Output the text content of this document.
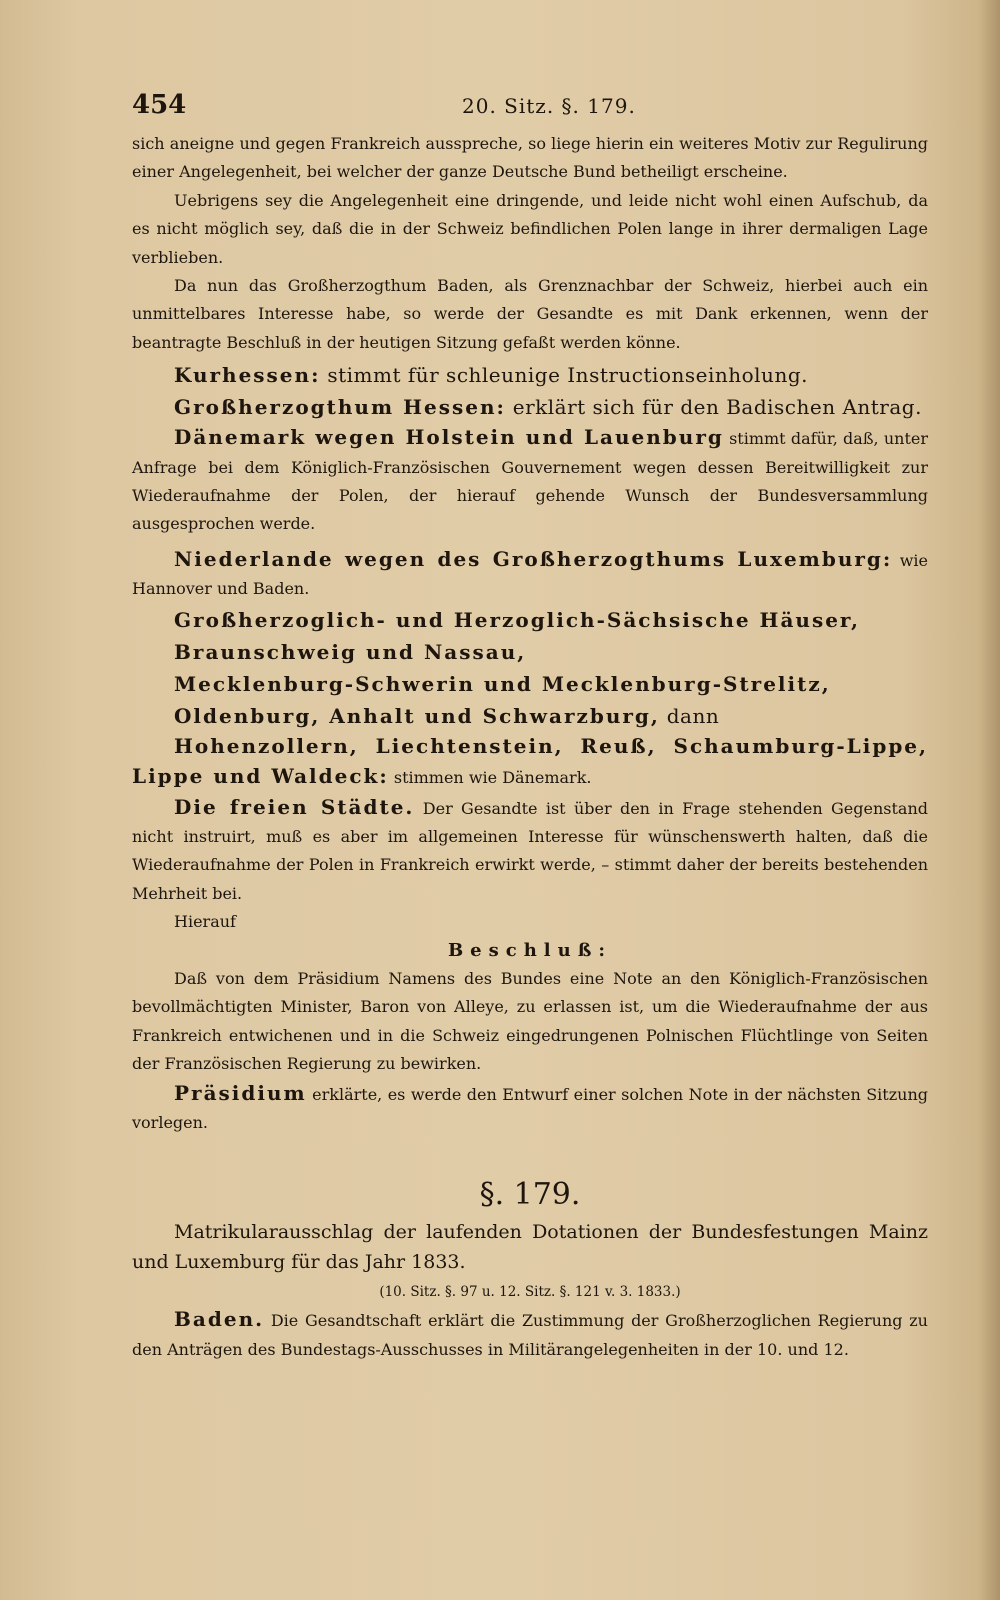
454	20. Sitz. §. 179.

sich aneigne und gegen Frankreich ausspreche, so liege hierin ein weiteres Motiv zur Regulirung einer Angelegenheit, bei welcher der ganze Deutsche Bund betheiligt erscheine.

Uebrigens sey die Angelegenheit eine dringende, und leide nicht wohl einen Aufschub, da es nicht möglich sey, daß die in der Schweiz befindlichen Polen lange in ihrer dermaligen Lage verblieben.

Da nun das Großherzogthum Baden, als Grenznachbar der Schweiz, hierbei auch ein unmittelbares Interesse habe, so werde der Gesandte es mit Dank erkennen, wenn der beantragte Beschluß in der heutigen Sitzung gefaßt werden könne.

Kurhessen: stimmt für schleunige Instructionseinholung.

Großherzogthum Hessen: erklärt sich für den Badischen Antrag.

Dänemark wegen Holstein und Lauenburg stimmt dafür, daß, unter Anfrage bei dem Königlich-Französischen Gouvernement wegen dessen Bereitwilligkeit zur Wiederaufnahme der Polen, der hierauf gehende Wunsch der Bundesversammlung ausgesprochen werde.

Niederlande wegen des Großherzogthums Luxemburg: wie Hannover und Baden.

Großherzoglich- und Herzoglich-Sächsische Häuser,

Braunschweig und Nassau,

Mecklenburg-Schwerin und Mecklenburg-Strelitz,

Oldenburg, Anhalt und Schwarzburg, dann

Hohenzollern, Liechtenstein, Reuß, Schaumburg-Lippe, Lippe und Waldeck: stimmen wie Dänemark.

Die freien Städte. Der Gesandte ist über den in Frage stehenden Gegenstand nicht instruirt, muß es aber im allgemeinen Interesse für wünschenswerth halten, daß die Wiederaufnahme der Polen in Frankreich erwirkt werde, – stimmt daher der bereits bestehenden Mehrheit bei.

Hierauf

Beschluß:

Daß von dem Präsidium Namens des Bundes eine Note an den Königlich-Französischen bevollmächtigten Minister, Baron von Alleye, zu erlassen ist, um die Wiederaufnahme der aus Frankreich entwichenen und in die Schweiz eingedrungenen Polnischen Flüchtlinge von Seiten der Französischen Regierung zu bewirken.

Präsidium erklärte, es werde den Entwurf einer solchen Note in der nächsten Sitzung vorlegen.

§. 179.

Matrikularausschlag der laufenden Dotationen der Bundesfestungen Mainz und Luxemburg für das Jahr 1833.

(10. Sitz. §. 97 u. 12. Sitz. §. 121 v. 3. 1833.)

Baden. Die Gesandtschaft erklärt die Zustimmung der Großherzoglichen Regierung zu den Anträgen des Bundestags-Ausschusses in Militärangelegenheiten in der 10. und 12.
